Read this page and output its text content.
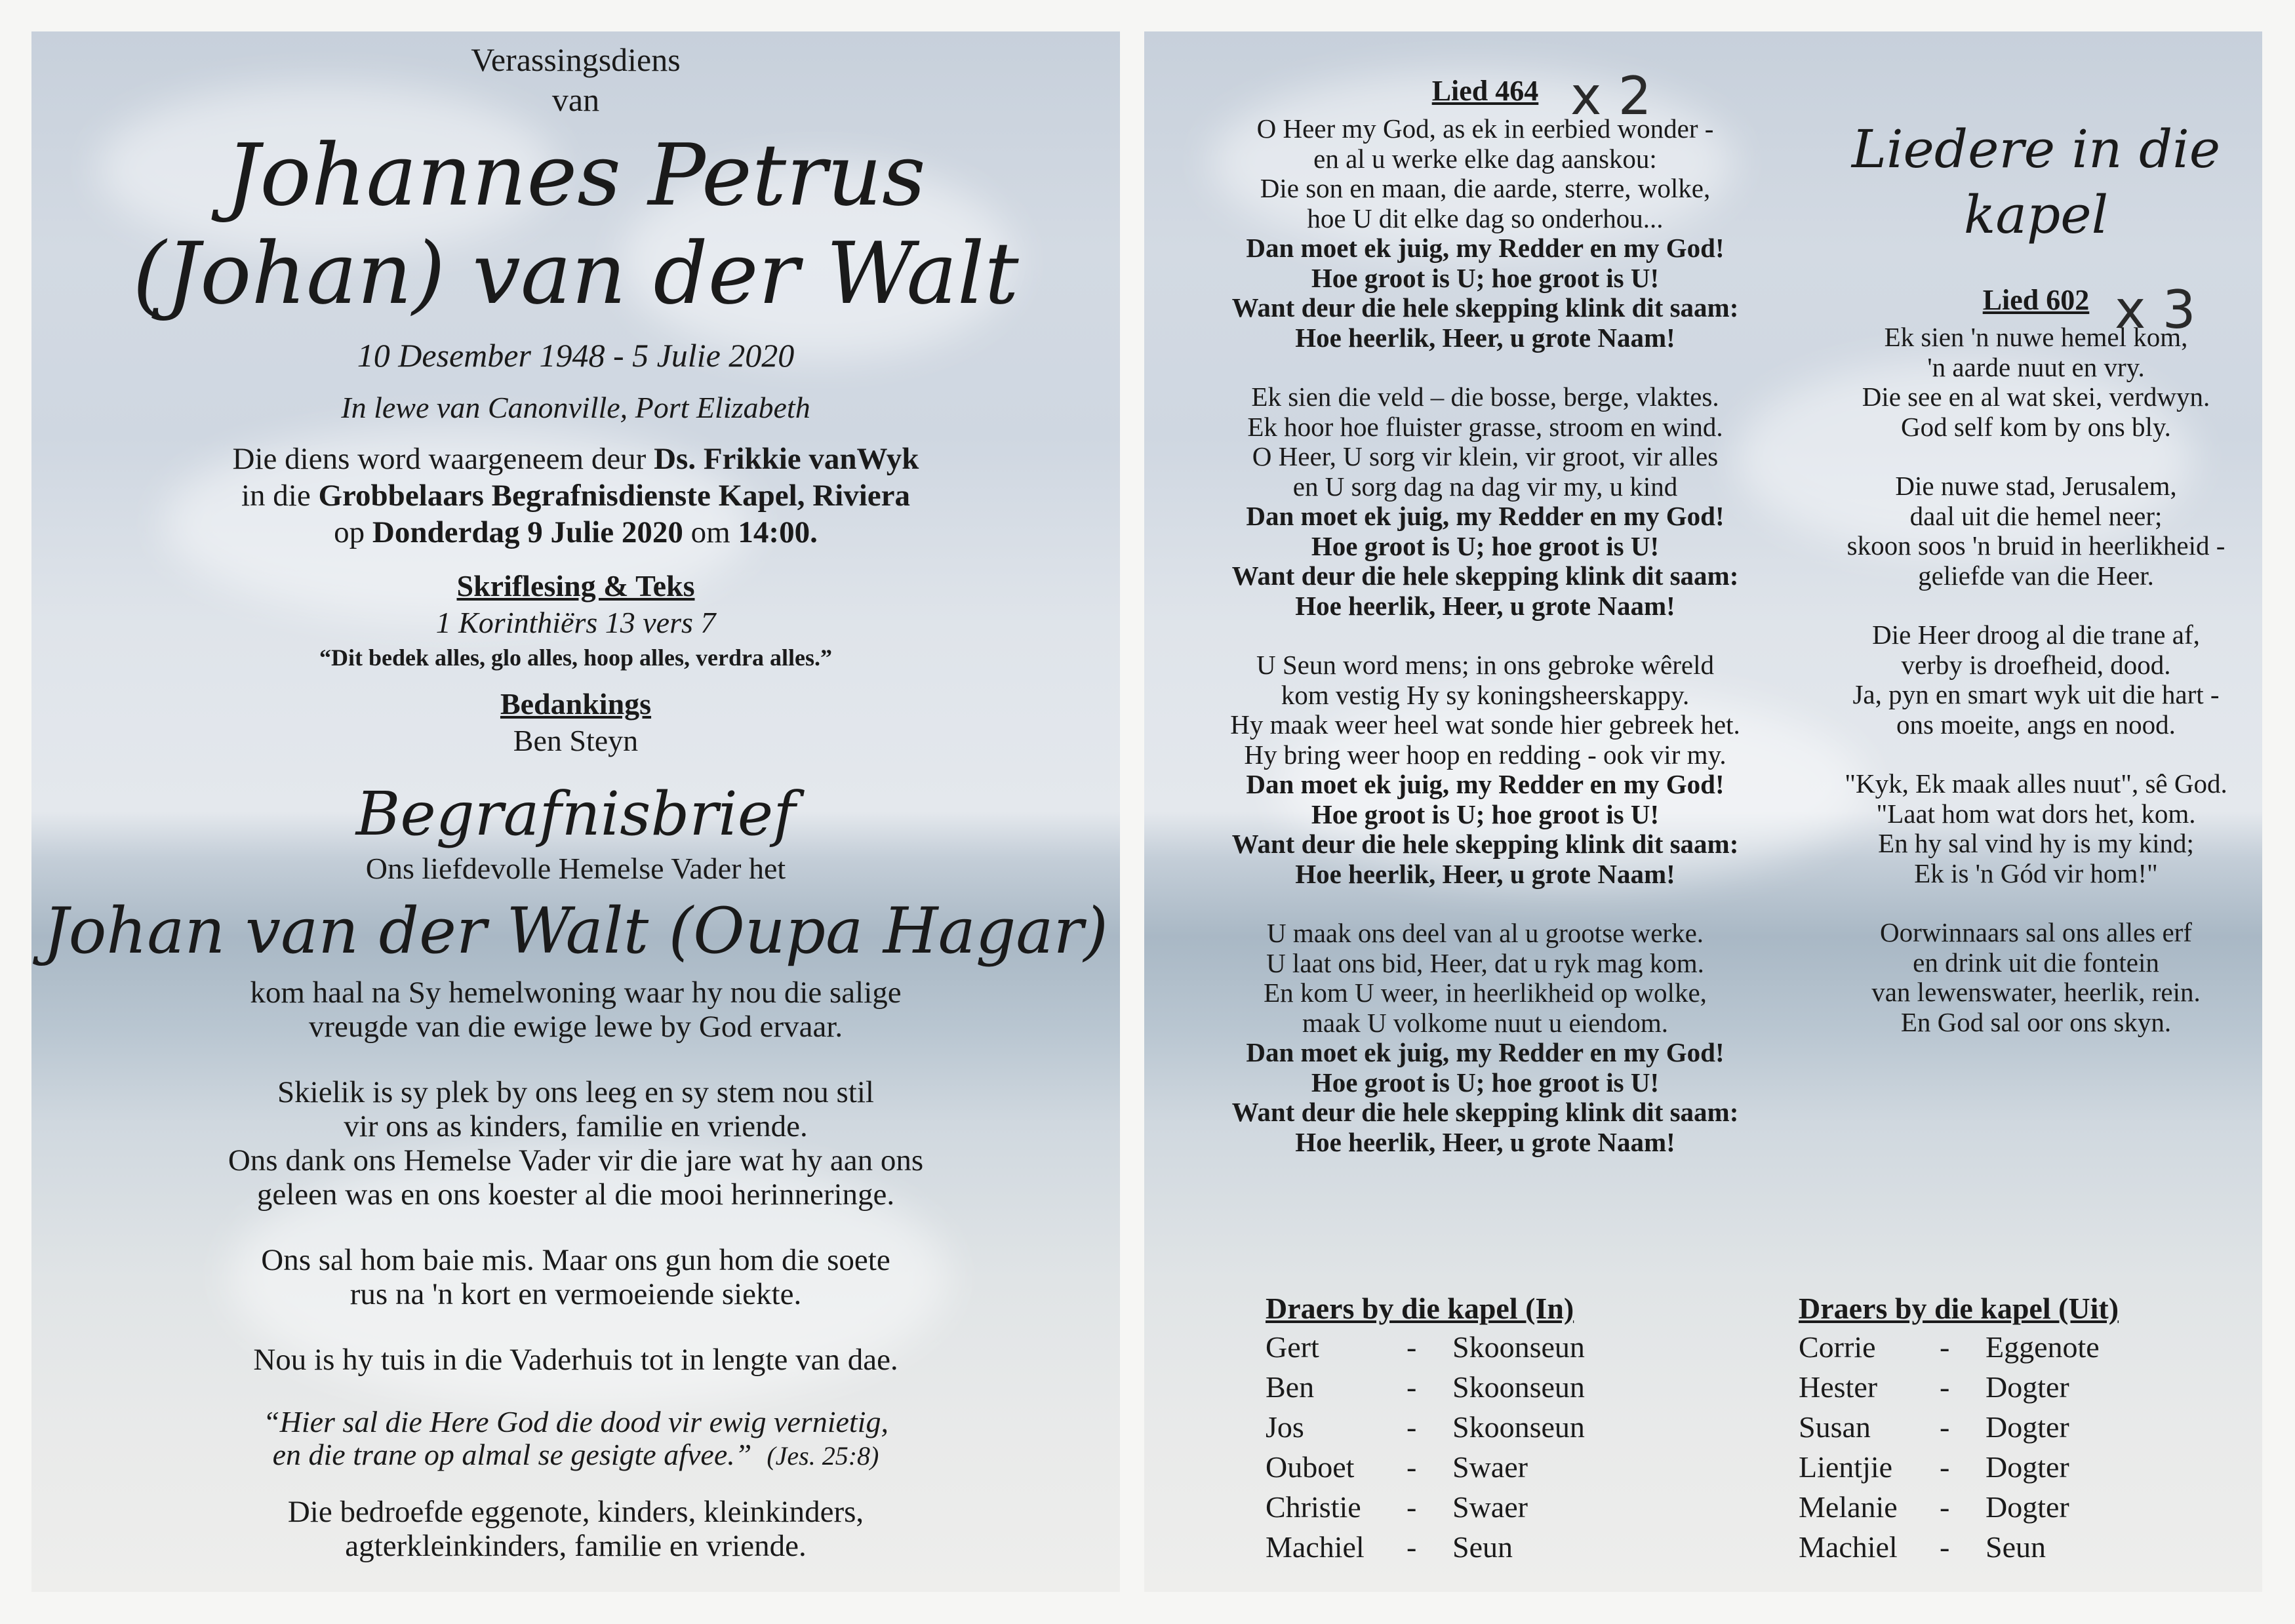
Verassingsdiens

van

Johannes Petrus

(Johan) van der Walt

10 Desember 1948 - 5 Julie 2020

In lewe van Canonville, Port Elizabeth

Die diens word waargeneem deur Ds. Frikkie vanWyk

in die Grobbelaars Begrafnisdienste Kapel, Riviera

op Donderdag 9 Julie 2020 om 14:00.

Skriflesing & Teks

1 Korinthiërs 13 vers 7

“Dit bedek alles, glo alles, hoop alles, verdra alles.”

Bedankings

Ben Steyn

Begrafnisbrief

Ons liefdevolle Hemelse Vader het

Johan van der Walt (Oupa Hagar)

kom haal na Sy hemelwoning waar hy nou die salige

vreugde van die ewige lewe by God ervaar.

Skielik is sy plek by ons leeg en sy stem nou stil

vir ons as kinders, familie en vriende.

Ons dank ons Hemelse Vader vir die jare wat hy aan ons

geleen was en ons koester al die mooi herinneringe.

Ons sal hom baie mis. Maar ons gun hom die soete

rus na 'n kort en vermoeiende siekte.

Nou is hy tuis in die Vaderhuis tot in lengte van dae.

“Hier sal die Here God die dood vir ewig vernietig,

en die trane op almal se gesigte afvee.” (Jes. 25:8)

Die bedroefde eggenote, kinders, kleinkinders,

agterkleinkinders, familie en vriende.

Lied 464

O Heer my God, as ek in eerbied wonder -

en al u werke elke dag aanskou:

Die son en maan, die aarde, sterre, wolke,

hoe U dit elke dag so onderhou...

Dan moet ek juig, my Redder en my God!

Hoe groot is U; hoe groot is U!

Want deur die hele skepping klink dit saam:

Hoe heerlik, Heer, u grote Naam!

Ek sien die veld – die bosse, berge, vlaktes.

Ek hoor hoe fluister grasse, stroom en wind.

O Heer, U sorg vir klein, vir groot, vir alles

en U sorg dag na dag vir my, u kind

Dan moet ek juig, my Redder en my God!

Hoe groot is U; hoe groot is U!

Want deur die hele skepping klink dit saam:

Hoe heerlik, Heer, u grote Naam!

U Seun word mens; in ons gebroke wêreld

kom vestig Hy sy koningsheerskappy.

Hy maak weer heel wat sonde hier gebreek het.

Hy bring weer hoop en redding - ook vir my.

Dan moet ek juig, my Redder en my God!

Hoe groot is U; hoe groot is U!

Want deur die hele skepping klink dit saam:

Hoe heerlik, Heer, u grote Naam!

U maak ons deel van al u grootse werke.

U laat ons bid, Heer, dat u ryk mag kom.

En kom U weer, in heerlikheid op wolke,

maak U volkome nuut u eiendom.

Dan moet ek juig, my Redder en my God!

Hoe groot is U; hoe groot is U!

Want deur die hele skepping klink dit saam:

Hoe heerlik, Heer, u grote Naam!

x 2

Liedere in die kapel

Lied 602

Ek sien 'n nuwe hemel kom,

'n aarde nuut en vry.

Die see en al wat skei, verdwyn.

God self kom by ons bly.

Die nuwe stad, Jerusalem,

daal uit die hemel neer;

skoon soos 'n bruid in heerlikheid -

geliefde van die Heer.

Die Heer droog al die trane af,

verby is droefheid, dood.

Ja, pyn en smart wyk uit die hart -

ons moeite, angs en nood.

"Kyk, Ek maak alles nuut", sê God.

"Laat hom wat dors het, kom.

En hy sal vind hy is my kind;

Ek is 'n Gód vir hom!"

Oorwinnaars sal ons alles erf

en drink uit die fontein

van lewenswater, heerlik, rein.

En God sal oor ons skyn.

x 3

Draers by die kapel (In)

Gert	-	Skoonseun
Ben	-	Skoonseun
Jos	-	Skoonseun
Ouboet	-	Swaer
Christie	-	Swaer
Machiel	-	Seun

Draers by die kapel (Uit)

Corrie	-	Eggenote
Hester	-	Dogter
Susan	-	Dogter
Lientjie	-	Dogter
Melanie	-	Dogter
Machiel	-	Seun
